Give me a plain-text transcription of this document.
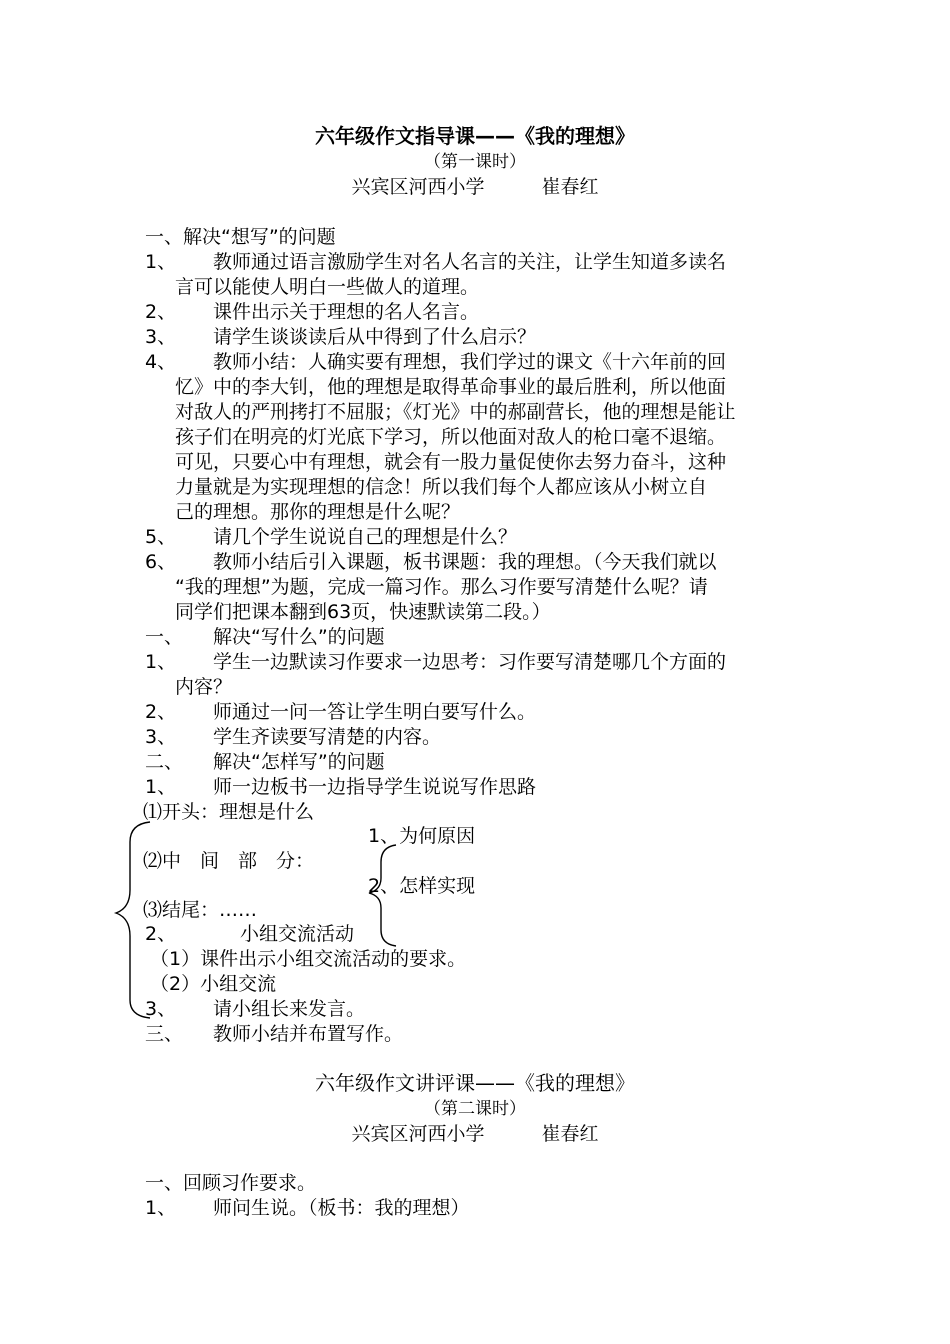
六年级作文指导课——《我的理想》
（第一课时）
兴宾区河西小学　　　崔春红
一、解决“想写”的问题
1、 教师通过语言激励学生对名人名言的关注，让学生知道多读名
言可以能使人明白一些做人的道理。
2、 课件出示关于理想的名人名言。
3、 请学生谈谈读后从中得到了什么启示？
4、 教师小结：人确实要有理想，我们学过的课文《十六年前的回
忆》中的李大钊，他的理想是取得革命事业的最后胜利，所以他面
对敌人的严刑拷打不屈服；《灯光》中的郝副营长，他的理想是能让
孩子们在明亮的灯光底下学习，所以他面对敌人的枪口毫不退缩。
可见，只要心中有理想，就会有一股力量促使你去努力奋斗，这种
力量就是为实现理想的信念！所以我们每个人都应该从小树立自
己的理想。那你的理想是什么呢？
5、 请几个学生说说自己的理想是什么？
6、 教师小结后引入课题，板书课题：我的理想。（今天我们就以
“我的理想”为题，完成一篇习作。那么习作要写清楚什么呢？请
同学们把课本翻到63页，快速默读第二段。）
一、 解决“写什么”的问题
1、 学生一边默读习作要求一边思考：习作要写清楚哪几个方面的
内容？
2、 师通过一问一答让学生明白要写什么。
3、 学生齐读要写清楚的内容。
二、 解决“怎样写”的问题
1、 师一边板书一边指导学生说说写作思路
⑴开头：理想是什么
1、为何原因
⑵中　间　部　分：
2、怎样实现
⑶结尾：……
2、	小组交流活动
（1）课件出示小组交流活动的要求。
（2）小组交流
3、 请小组长来发言。
三、 教师小结并布置写作。
六年级作文讲评课——《我的理想》
（第二课时）
兴宾区河西小学　　　崔春红
一、回顾习作要求。
1、 师问生说。（板书：我的理想）
